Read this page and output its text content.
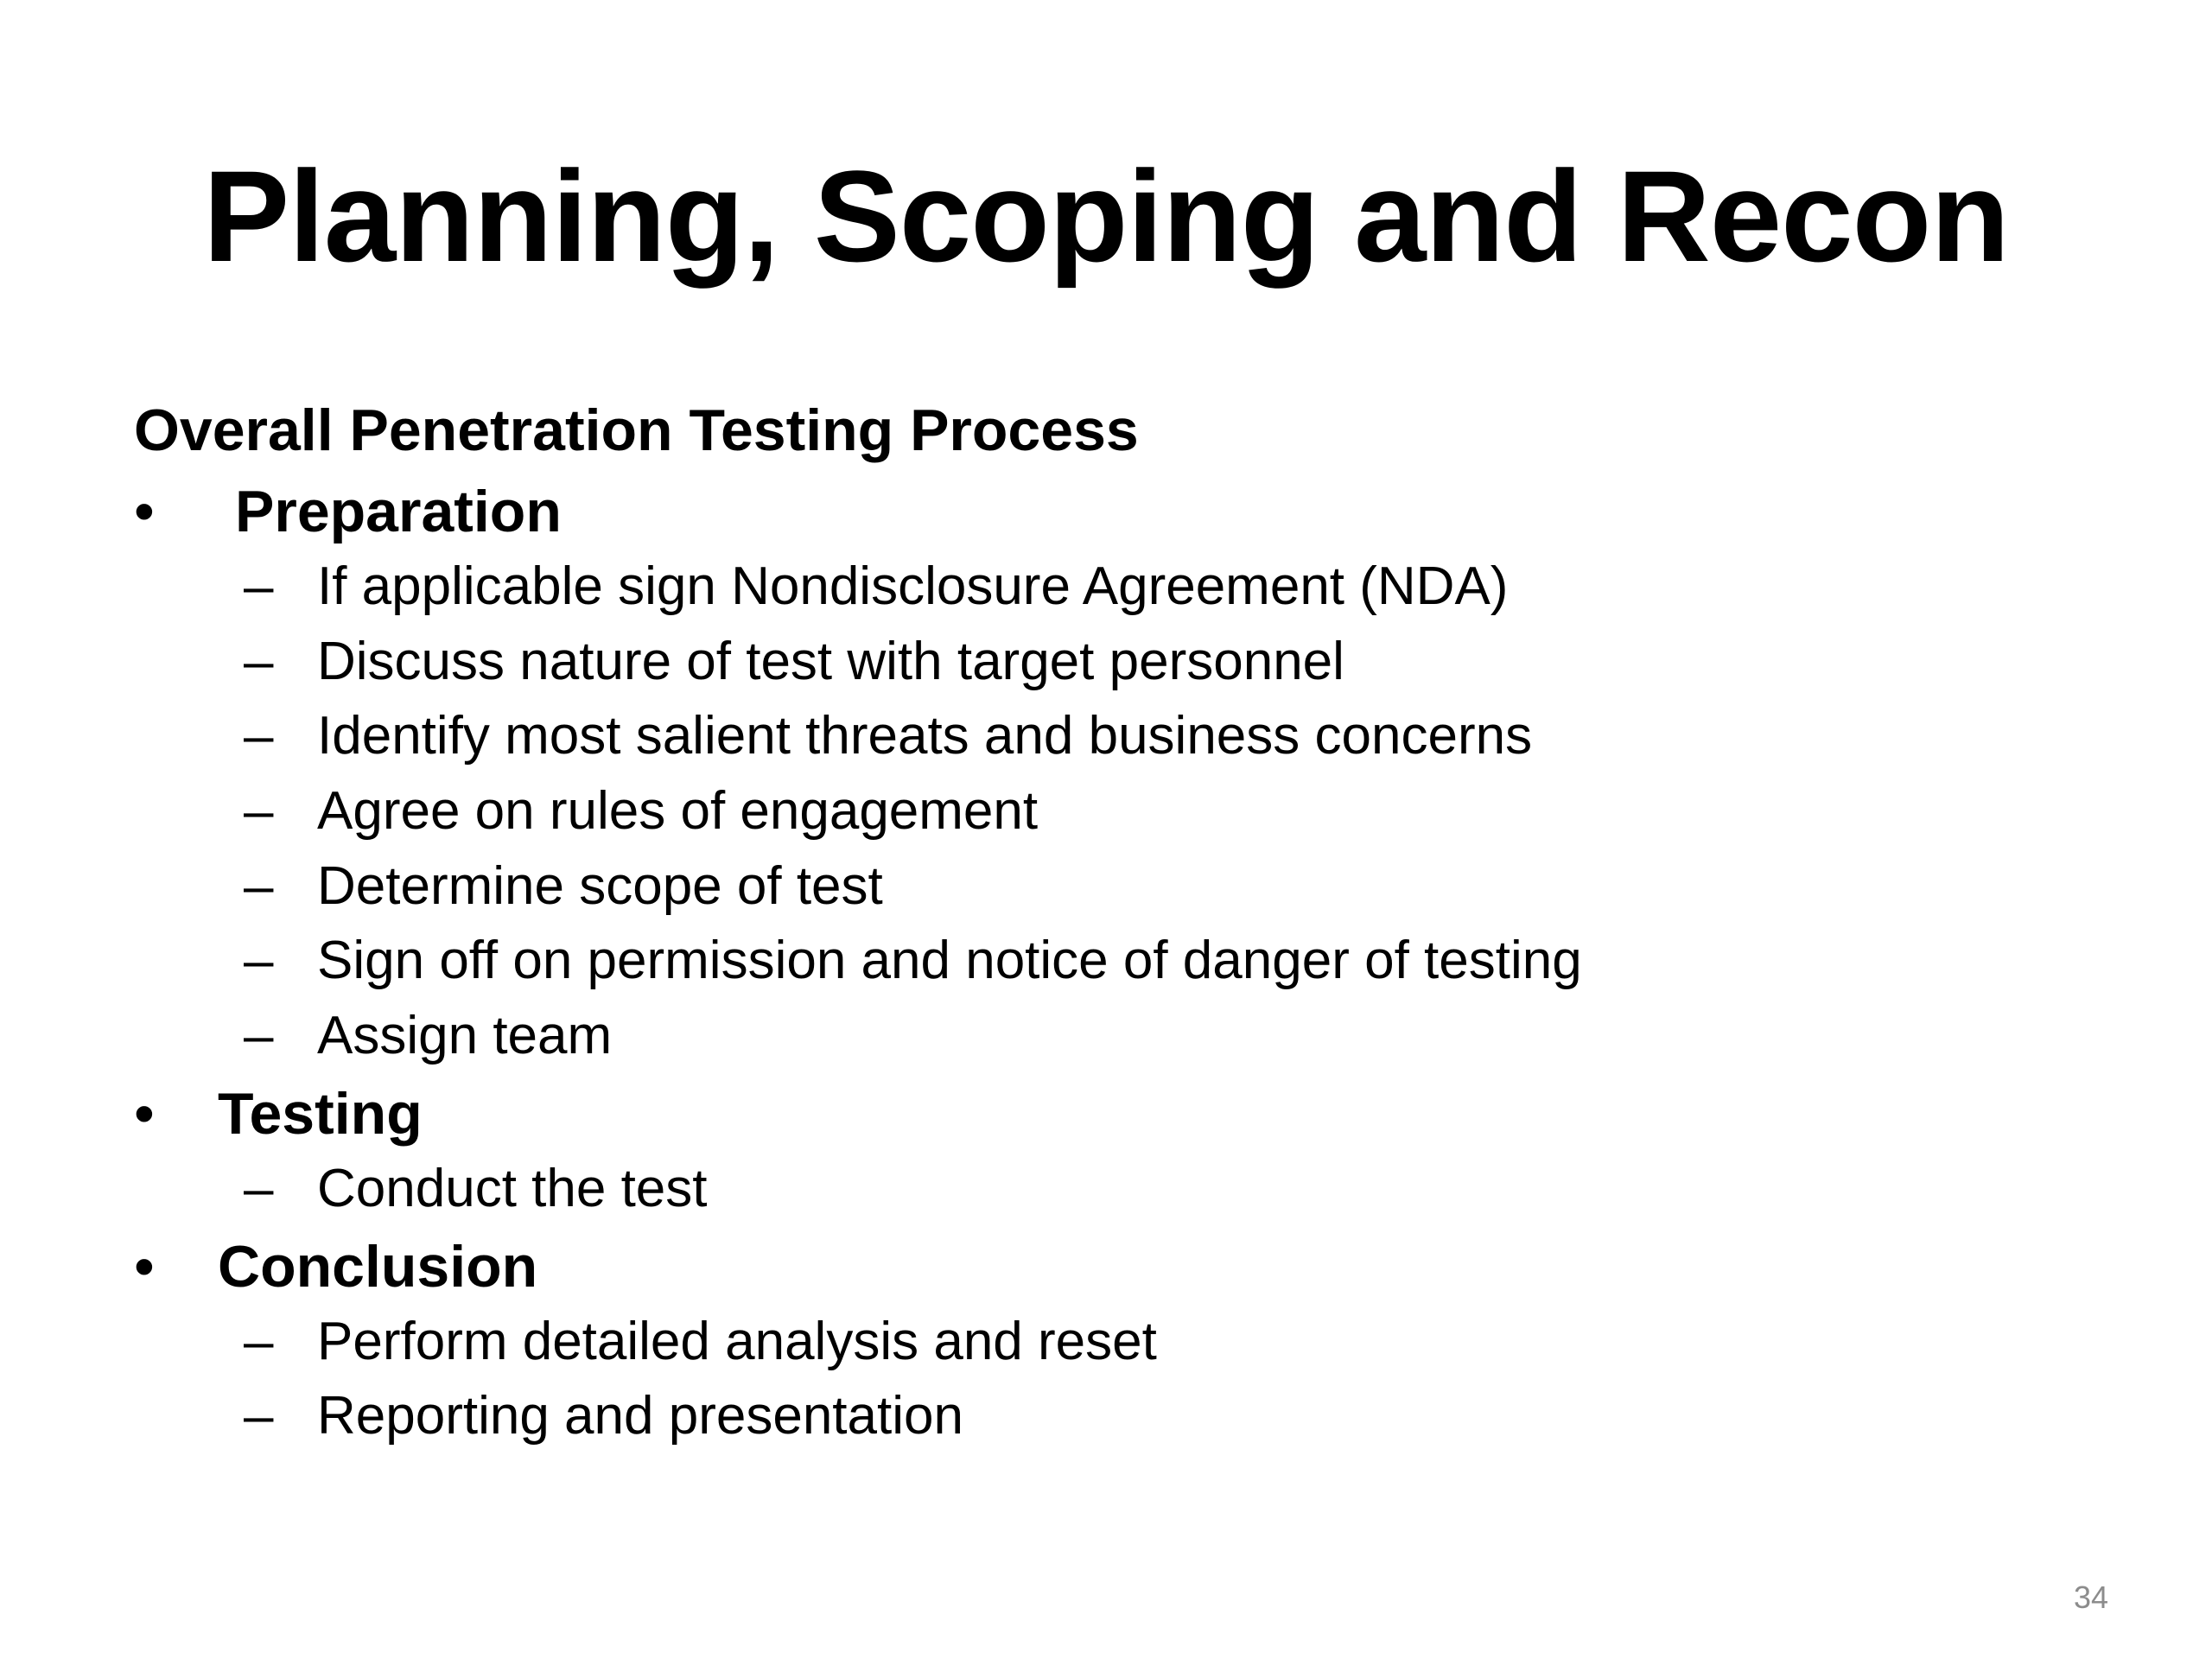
Planning, Scoping and Recon
Overall Penetration Testing Process
• Preparation
– If applicable sign Nondisclosure Agreement (NDA)
– Discuss nature of test with target personnel
– Identify most salient threats and business concerns
– Agree on rules of engagement
– Determine scope of test
– Sign off on permission and notice of danger of testing
– Assign team
• Testing
– Conduct the test
• Conclusion
– Perform detailed analysis and reset
– Reporting and presentation
34
